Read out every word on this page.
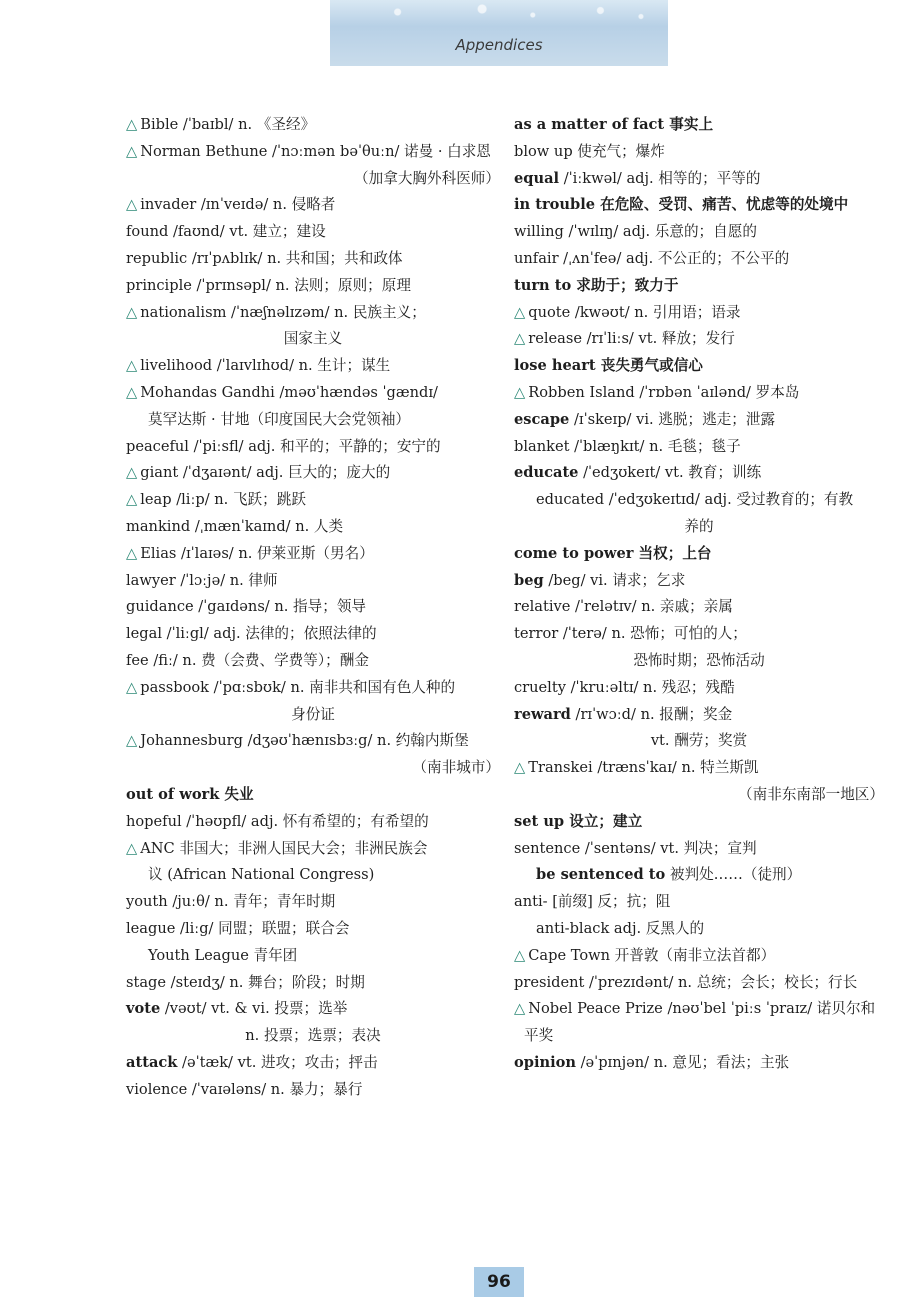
Appendices
△ Bible /ˈbaɪbl/ n. 《圣经》
△ Norman Bethune /ˈnɔːmən bəˈθuːn/ 诺曼 · 白求恩
（加拿大胸外科医师）
△ invader /ɪnˈveɪdə/ n. 侵略者
found /faʊnd/ vt. 建立；建设
republic /rɪˈpʌblɪk/ n. 共和国；共和政体
principle /ˈprɪnsəpl/ n. 法则；原则；原理
△ nationalism /ˈnæʃnəlɪzəm/ n. 民族主义；
国家主义
△ livelihood /ˈlaɪvlɪhʊd/ n. 生计；谋生
△ Mohandas Gandhi /məʊˈhændəs ˈgændɪ/
莫罕达斯 · 甘地（印度国民大会党领袖）
peaceful /ˈpiːsfl/ adj. 和平的；平静的；安宁的
△ giant /ˈdʒaɪənt/ adj. 巨大的；庞大的
△ leap /liːp/ n. 飞跃；跳跃
mankind /ˌmænˈkaɪnd/ n. 人类
△ Elias /ɪˈlaɪəs/ n. 伊莱亚斯（男名）
lawyer /ˈlɔːjə/ n. 律师
guidance /ˈgaɪdəns/ n. 指导；领导
legal /ˈliːgl/ adj. 法律的；依照法律的
fee /fiː/ n. 费（会费、学费等）；酬金
△ passbook /ˈpɑːsbʊk/ n. 南非共和国有色人种的
身份证
△ Johannesburg /dʒəʊˈhænɪsbɜːg/ n. 约翰内斯堡
（南非城市）
out of work 失业
hopeful /ˈhəʊpfl/ adj. 怀有希望的；有希望的
△ ANC 非国大；非洲人国民大会；非洲民族会
议 (African National Congress)
youth /juːθ/ n. 青年；青年时期
league /liːg/ 同盟；联盟；联合会
Youth League 青年团
stage /steɪdʒ/ n. 舞台；阶段；时期
vote /vəʊt/ vt. & vi. 投票；选举
n. 投票；选票；表决
attack /əˈtæk/ vt. 进攻；攻击；抨击
violence /ˈvaɪələns/ n. 暴力；暴行
as a matter of fact 事实上
blow up 使充气；爆炸
equal /ˈiːkwəl/ adj. 相等的；平等的
in trouble 在危险、受罚、痛苦、忧虑等的处境中
willing /ˈwɪlɪŋ/ adj. 乐意的；自愿的
unfair /ˌʌnˈfeə/ adj. 不公正的；不公平的
turn to 求助于；致力于
△ quote /kwəʊt/ n. 引用语；语录
△ release /rɪˈliːs/ vt. 释放；发行
lose heart 丧失勇气或信心
△ Robben Island /ˈrɒbən ˈaɪlənd/ 罗本岛
escape /ɪˈskeɪp/ vi. 逃脱；逃走；泄露
blanket /ˈblæŋkɪt/ n. 毛毯；毯子
educate /ˈedʒʊkeɪt/ vt. 教育；训练
educated /ˈedʒʊkeɪtɪd/ adj. 受过教育的；有教
养的
come to power 当权；上台
beg /beg/ vi. 请求；乞求
relative /ˈrelətɪv/ n. 亲戚；亲属
terror /ˈterə/ n. 恐怖；可怕的人；
恐怖时期；恐怖活动
cruelty /ˈkruːəltɪ/ n. 残忍；残酷
reward /rɪˈwɔːd/ n. 报酬；奖金
vt. 酬劳；奖赏
△ Transkei /trænsˈkaɪ/ n. 特兰斯凯
（南非东南部一地区）
set up 设立；建立
sentence /ˈsentəns/ vt. 判决；宣判
be sentenced to 被判处……（徒刑）
anti- [前缀] 反；抗；阻
anti-black adj. 反黑人的
△ Cape Town 开普敦（南非立法首都）
president /ˈprezɪdənt/ n. 总统；会长；校长；行长
△ Nobel Peace Prize /nəʊˈbel ˈpiːs ˈpraɪz/ 诺贝尔和
平奖
opinion /əˈpɪnjən/ n. 意见；看法；主张
96
